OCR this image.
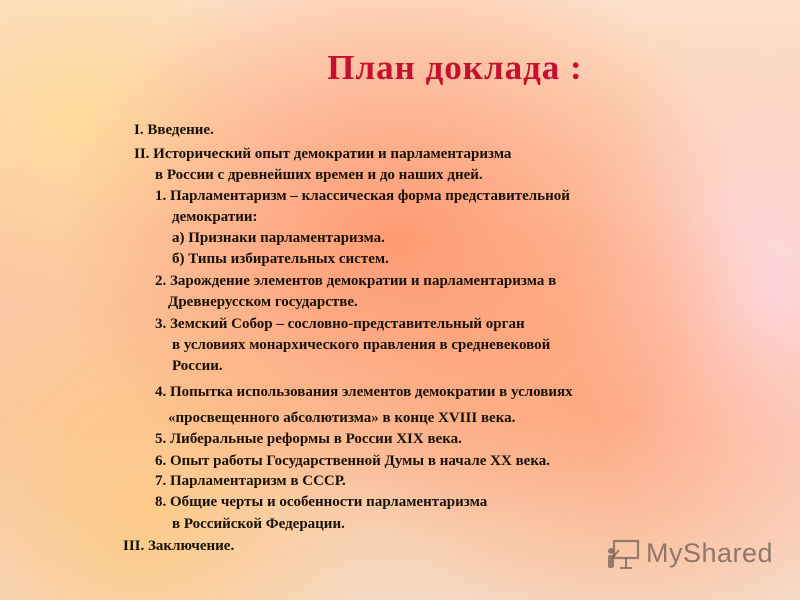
План доклада :
I. Введение.
II. Исторический опыт демократии и парламентаризма
в России с древнейших времен и до наших дней.
1. Парламентаризм – классическая форма представительной
демократии:
а) Признаки парламентаризма.
б) Типы избирательных систем.
2. Зарождение элементов демократии и парламентаризма в
Древнерусском государстве.
3. Земский Собор – сословно-представительный орган
в условиях монархического правления в средневековой
России.
4. Попытка использования элементов демократии в условиях
«просвещенного абсолютизма» в конце XVIII века.
5. Либеральные реформы в России XIX века.
6. Опыт работы Государственной Думы в начале XX века.
7. Парламентаризм в СССР.
8. Общие черты и особенности парламентаризма
в Российской Федерации.
III. Заключение.	MyShared
